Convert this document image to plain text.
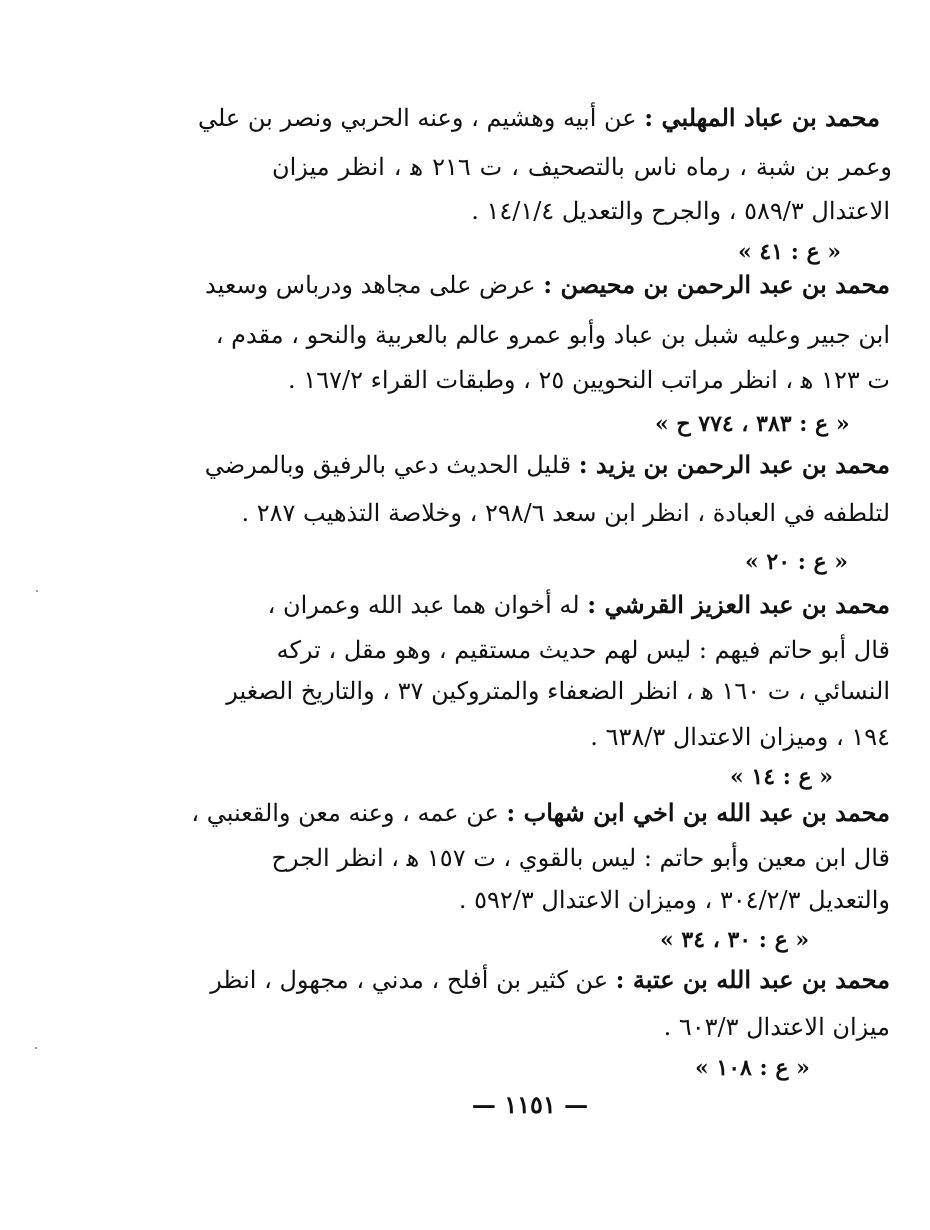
محمد بن عباد المهلبي : عن أبيه وهشيم ، وعنه الحربي ونصر بن علي
وعمر بن شبة ، رماه ناس بالتصحيف ، ت ٢١٦ ﻫ ، انظر ميزان
الاعتدال ٥٨٩/٣ ، والجرح والتعديل ١٤/١/٤ .
« ع : ٤١ »
محمد بن عبد الرحمن بن محيصن : عرض على مجاهد ودرباس وسعيد
ابن جبير وعليه شبل بن عباد وأبو عمرو عالم بالعربية والنحو ، مقدم ،
ت ١٢٣ ﻫ ، انظر مراتب النحويين ٢٥ ، وطبقات القراء ١٦٧/٢ .
« ع : ٣٨٣ ، ٧٧٤ ح »
محمد بن عبد الرحمن بن يزيد : قليل الحديث دعي بالرفيق وبالمرضي
لتلطفه في العبادة ، انظر ابن سعد ٢٩٨/٦ ، وخلاصة التذهيب ٢٨٧ .
« ع : ٢٠ »
محمد بن عبد العزيز القرشي : له أخوان هما عبد الله وعمران ،
قال أبو حاتم فيهم : ليس لهم حديث مستقيم ، وهو مقل ، تركه
النسائي ، ت ١٦٠ ﻫ ، انظر الضعفاء والمتروكين ٣٧ ، والتاريخ الصغير
١٩٤ ، وميزان الاعتدال ٦٣٨/٣ .
« ع : ١٤ »
محمد بن عبد الله بن اخي ابن شهاب : عن عمه ، وعنه معن والقعنبي ،
قال ابن معين وأبو حاتم : ليس بالقوي ، ت ١٥٧ ﻫ ، انظر الجرح
والتعديل ٣٠٤/٢/٣ ، وميزان الاعتدال ٥٩٢/٣ .
« ع : ٣٠ ، ٣٤ »
محمد بن عبد الله بن عتبة : عن كثير بن أفلح ، مدني ، مجهول ، انظر
ميزان الاعتدال ٦٠٣/٣ .
« ع : ١٠٨ »
— ١١٥١ —
